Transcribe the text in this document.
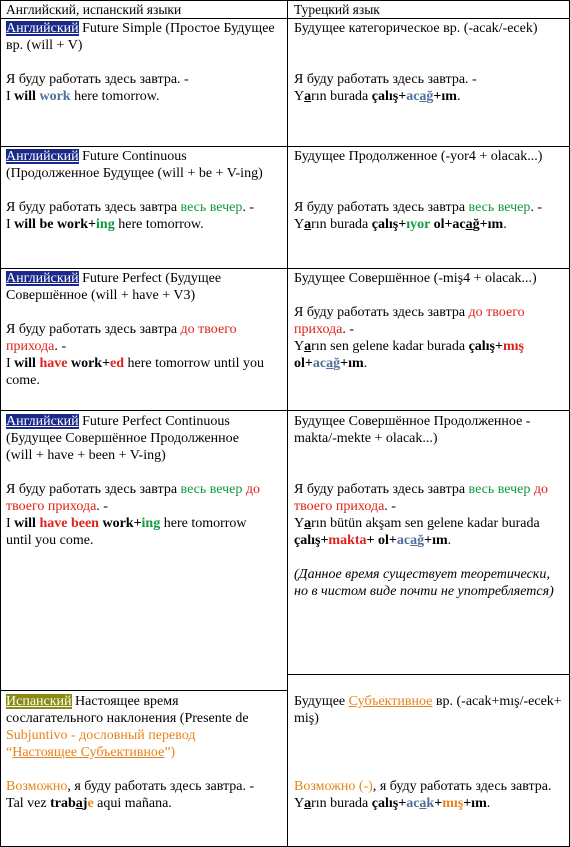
Английский, испанский языки	Турецкий язык

Английский Future Simple (Простое Будущее вр. (will + V)

Я буду работать здесь завтра. -

I will work here tomorrow.

Будущее категорическое вр. (-acak/-ecek)

Я буду работать здесь завтра. -

Yarın burada çalış+acağ+ım.

Английский Future Continuous (Продолженное Будущее (will + be + V-ing)

Я буду работать здесь завтра весь вечер. -

I will be work+ing here tomorrow.

Будущее Продолженное (-yor4 + olacak...)

Я буду работать здесь завтра весь вечер. -

Yarın burada çalış+ıyor ol+acağ+ım.

Английский Future Perfect (Будущее Совершённое (will + have + V3)

Я буду работать здесь завтра до твоего прихода. -

I will have work+ed here tomorrow until you come.

Будущее Совершённое (-miş4 + olacak...)

Я буду работать здесь завтра до твоего прихода. -

Yarın sen gelene kadar burada çalış+mış
ol+acağ+ım.

Английский Future Perfect Continuous (Будущее Совершённое Продолженное (will + have + been + V-ing)

Я буду работать здесь завтра весь вечер до твоего прихода. -

I will have been work+ing here tomorrow until you come.

Будущее Совершённое Продолженное -makta/-mekte + olacak...)

Я буду работать здесь завтра весь вечер до твоего прихода. -

Yarın bütün akşam sen gelene kadar burada çalış+makta+ ol+acağ+ım.

(Данное время существует теоретически, но в чистом виде почти не употребляется)

Испанский Настоящее время сослагательного наклонения (Presente de Subjuntivo - дословный перевод
“Настоящее Субъективное”)

Возможно, я буду работать здесь завтра. -

Tal vez trabaje aqui mañana.

Будущее Субъективное вр. (-acak+mış/-ecek+ miş)

Возможно (-), я буду работать здесь завтра. Yarın burada çalış+acak+mış+ım.
